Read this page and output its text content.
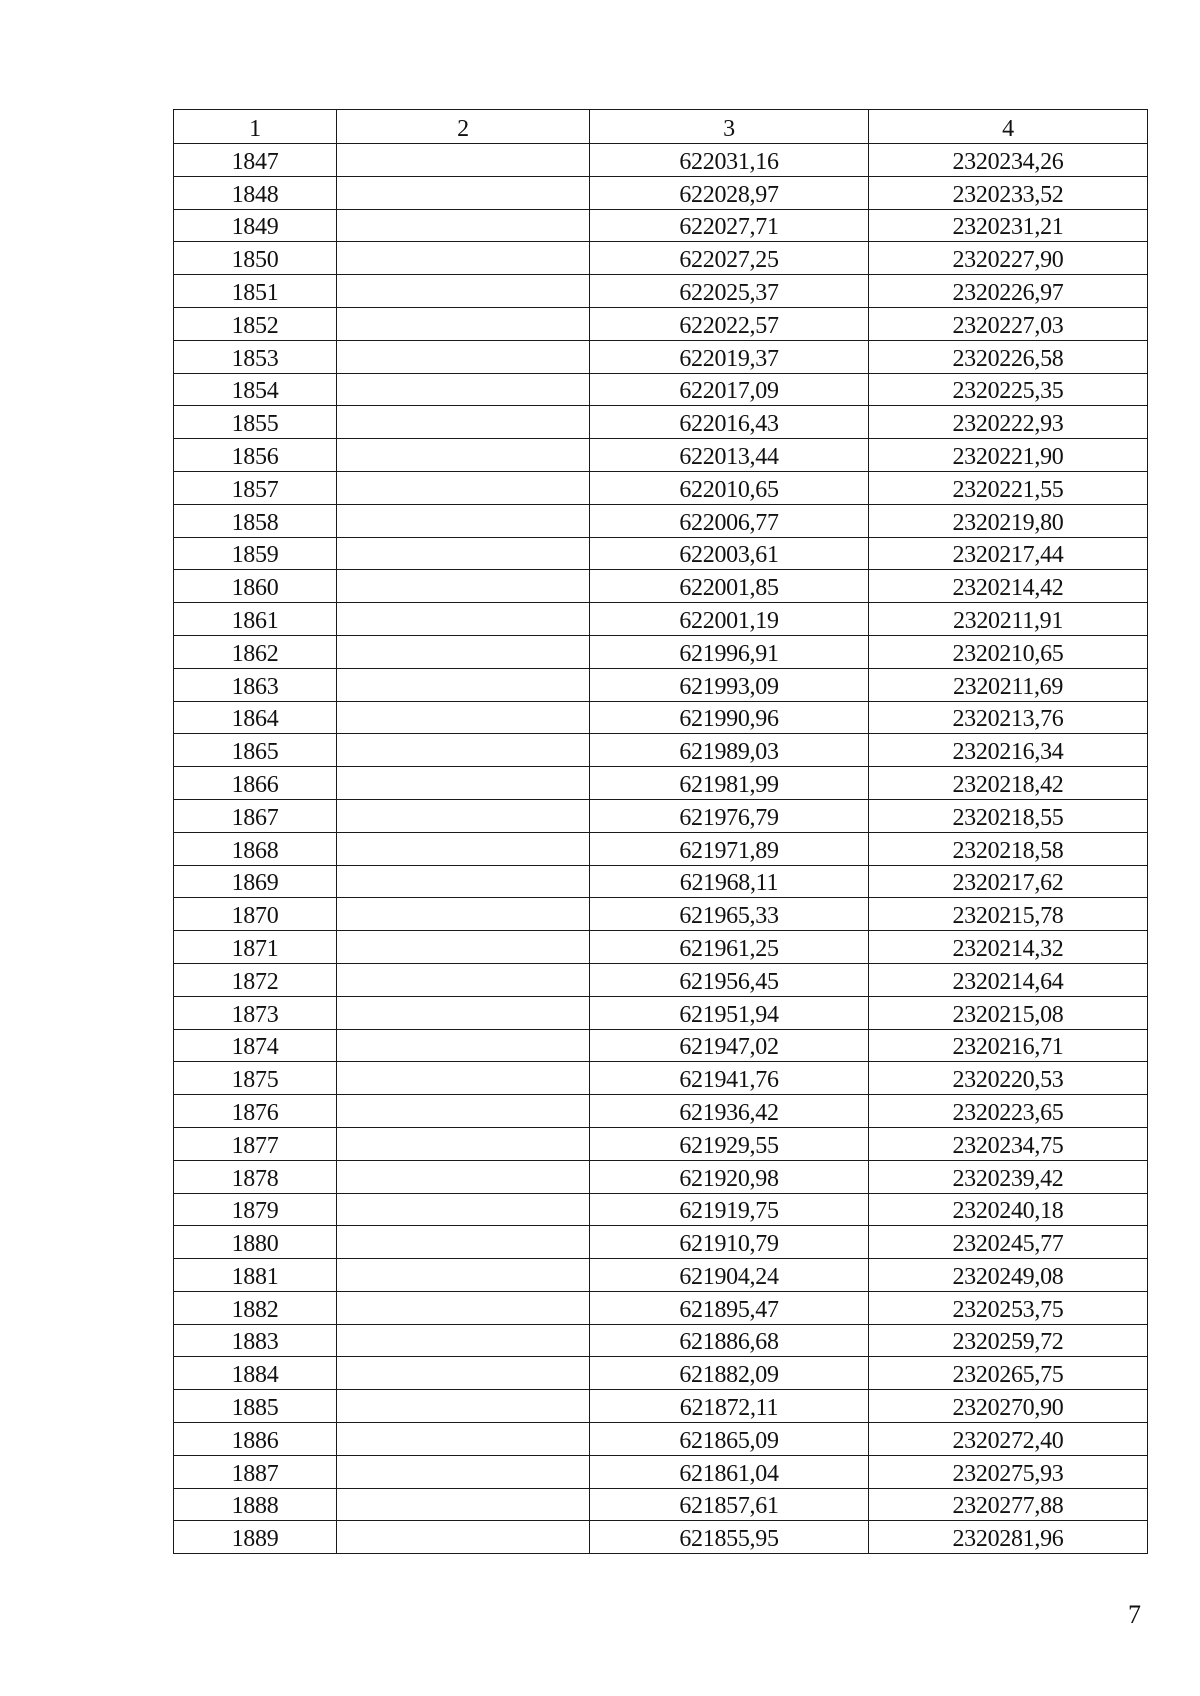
1	2	3	4
1847		622031,16	2320234,26
1848		622028,97	2320233,52
1849		622027,71	2320231,21
1850		622027,25	2320227,90
1851		622025,37	2320226,97
1852		622022,57	2320227,03
1853		622019,37	2320226,58
1854		622017,09	2320225,35
1855		622016,43	2320222,93
1856		622013,44	2320221,90
1857		622010,65	2320221,55
1858		622006,77	2320219,80
1859		622003,61	2320217,44
1860		622001,85	2320214,42
1861		622001,19	2320211,91
1862		621996,91	2320210,65
1863		621993,09	2320211,69
1864		621990,96	2320213,76
1865		621989,03	2320216,34
1866		621981,99	2320218,42
1867		621976,79	2320218,55
1868		621971,89	2320218,58
1869		621968,11	2320217,62
1870		621965,33	2320215,78
1871		621961,25	2320214,32
1872		621956,45	2320214,64
1873		621951,94	2320215,08
1874		621947,02	2320216,71
1875		621941,76	2320220,53
1876		621936,42	2320223,65
1877		621929,55	2320234,75
1878		621920,98	2320239,42
1879		621919,75	2320240,18
1880		621910,79	2320245,77
1881		621904,24	2320249,08
1882		621895,47	2320253,75
1883		621886,68	2320259,72
1884		621882,09	2320265,75
1885		621872,11	2320270,90
1886		621865,09	2320272,40
1887		621861,04	2320275,93
1888		621857,61	2320277,88
1889		621855,95	2320281,96
7
